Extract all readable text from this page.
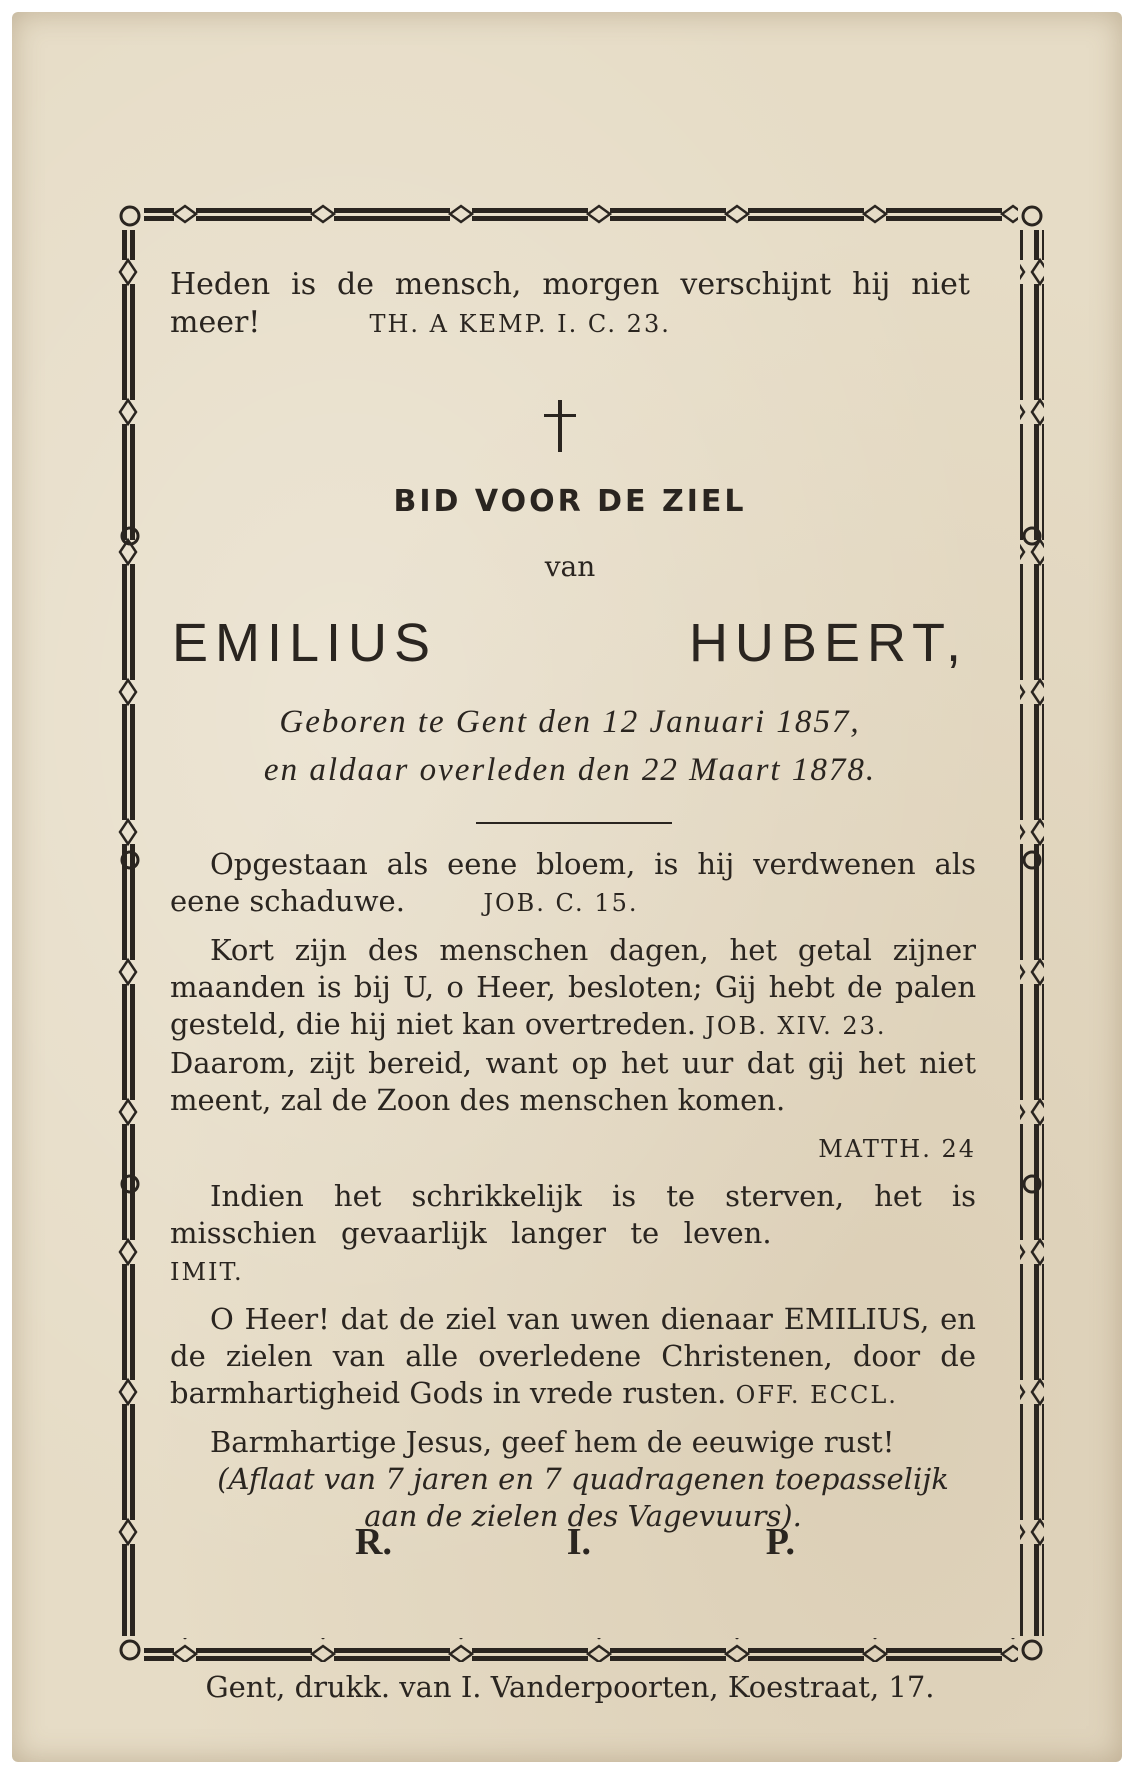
Heden is de mensch, morgen verschijnt hij niet meer!	TH. A KEMP. I. C. 23.
BID VOOR DE ZIEL
van
EMILIUS	HUBERT,
Geboren te Gent den 12 Januari 1857,
en aldaar overleden den 22 Maart 1878.

Opgestaan als eene bloem, is hij verdwenen als eene schaduwe.	JOB. C. 15.

Kort zijn des menschen dagen, het getal zijner maanden is bij U, o Heer, besloten; Gij hebt de palen gesteld, die hij niet kan overtreden. JOB. XIV. 23.
Daarom, zijt bereid, want op het uur dat gij het niet meent, zal de Zoon des menschen komen.

MATTH. 24

Indien het schrikkelijk is te sterven, het is misschien gevaarlijk langer te leven.  IMIT.

O Heer! dat de ziel van uwen dienaar EMILIUS, en de zielen van alle overledene Christenen, door de barmhartigheid Gods in vrede rusten. OFF. ECCL.

Barmhartige Jesus, geef hem de eeuwige rust!

(Aflaat van 7 jaren en 7 quadragenen toepasselijk aan de zielen des Vagevuurs).

R.	I.	P.
Gent, drukk. van I. Vanderpoorten, Koestraat, 17.
